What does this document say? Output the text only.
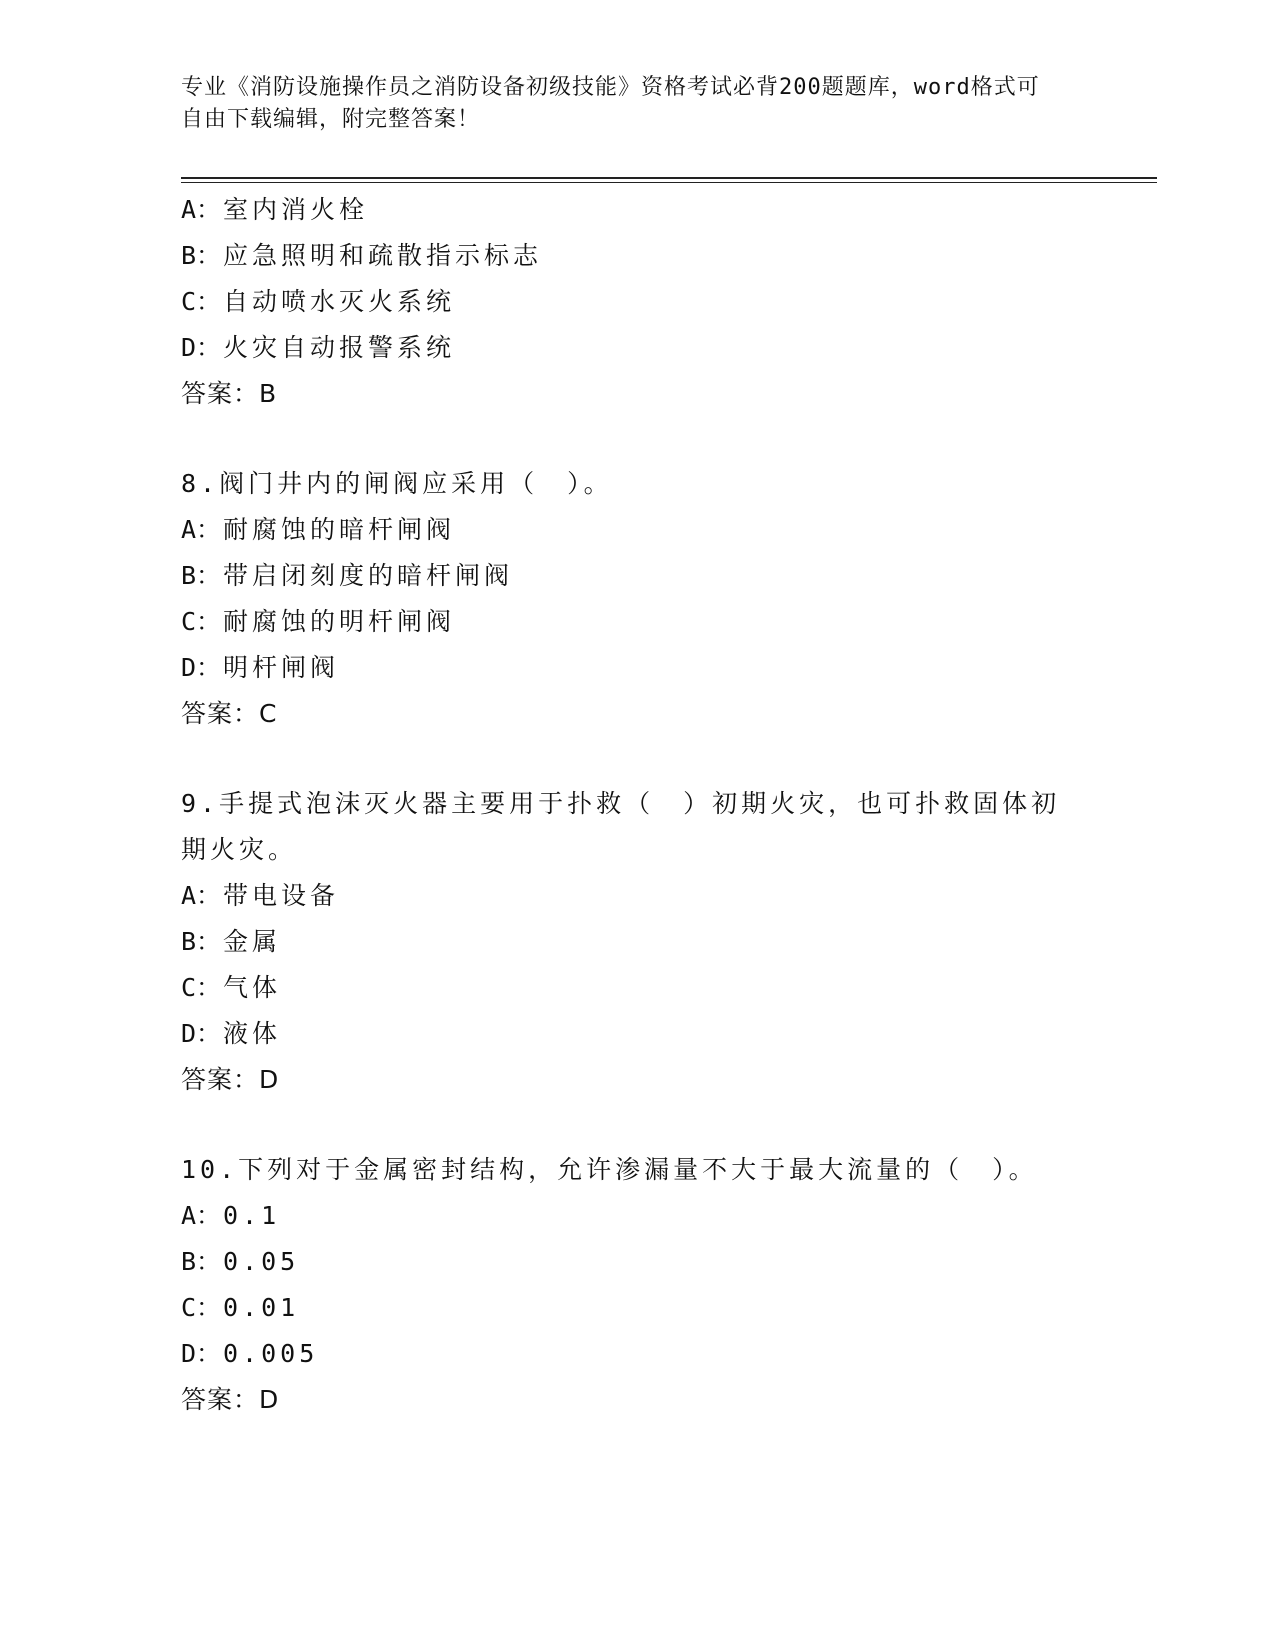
专业《消防设施操作员之消防设备初级技能》资格考试必背200题题库，word格式可自由下载编辑，附完整答案！
A：室内消火栓
B：应急照明和疏散指示标志
C：自动喷水灭火系统
D：火灾自动报警系统
答案：B
8.阀门井内的闸阀应采用（　）。
A：耐腐蚀的暗杆闸阀
B：带启闭刻度的暗杆闸阀
C：耐腐蚀的明杆闸阀
D：明杆闸阀
答案：C
9.手提式泡沫灭火器主要用于扑救（　）初期火灾，也可扑救固体初期火灾。
A：带电设备
B：金属
C：气体
D：液体
答案：D
10.下列对于金属密封结构，允许渗漏量不大于最大流量的（　）。
A：0.1
B：0.05
C：0.01
D：0.005
答案：D
